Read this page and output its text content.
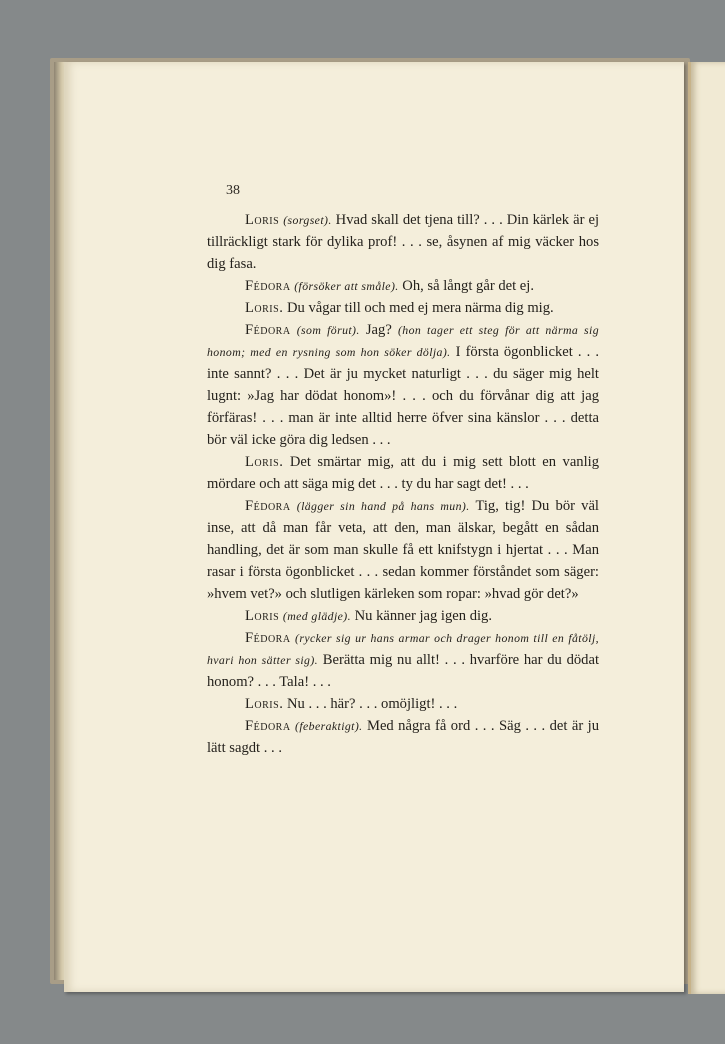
38

Loris (sorgset). Hvad skall det tjena till? . . . Din kärlek är ej tillräckligt stark för dylika prof! . . . se, åsynen af mig väcker hos dig fasa.

Fédora (försöker att småle). Oh, så långt går det ej.

Loris. Du vågar till och med ej mera närma dig mig.

Fédora (som förut). Jag? (hon tager ett steg för att närma sig honom; med en rysning som hon söker dölja). I första ögonblicket . . . inte sannt? . . . Det är ju mycket naturligt . . . du säger mig helt lugnt: »Jag har dödat honom»! . . . och du förvånar dig att jag förfäras! . . . man är inte alltid herre öfver sina känslor . . . detta bör väl icke göra dig ledsen . . .

Loris. Det smärtar mig, att du i mig sett blott en vanlig mördare och att säga mig det . . . ty du har sagt det! . . .

Fédora (lägger sin hand på hans mun). Tig, tig! Du bör väl inse, att då man får veta, att den, man älskar, begått en sådan handling, det är som man skulle få ett knifstygn i hjertat . . . Man rasar i första ögonblicket . . . sedan kommer förståndet som säger: »hvem vet?» och slutligen kärleken som ropar: »hvad gör det?»

Loris (med glädje). Nu känner jag igen dig.

Fédora (rycker sig ur hans armar och drager honom till en fåtölj, hvari hon sätter sig). Berätta mig nu allt! . . . hvarföre har du dödat honom? . . . Tala! . . .

Loris. Nu . . . här? . . . omöjligt! . . .

Fédora (feberaktigt). Med några få ord . . . Säg . . . det är ju lätt sagdt . . .
